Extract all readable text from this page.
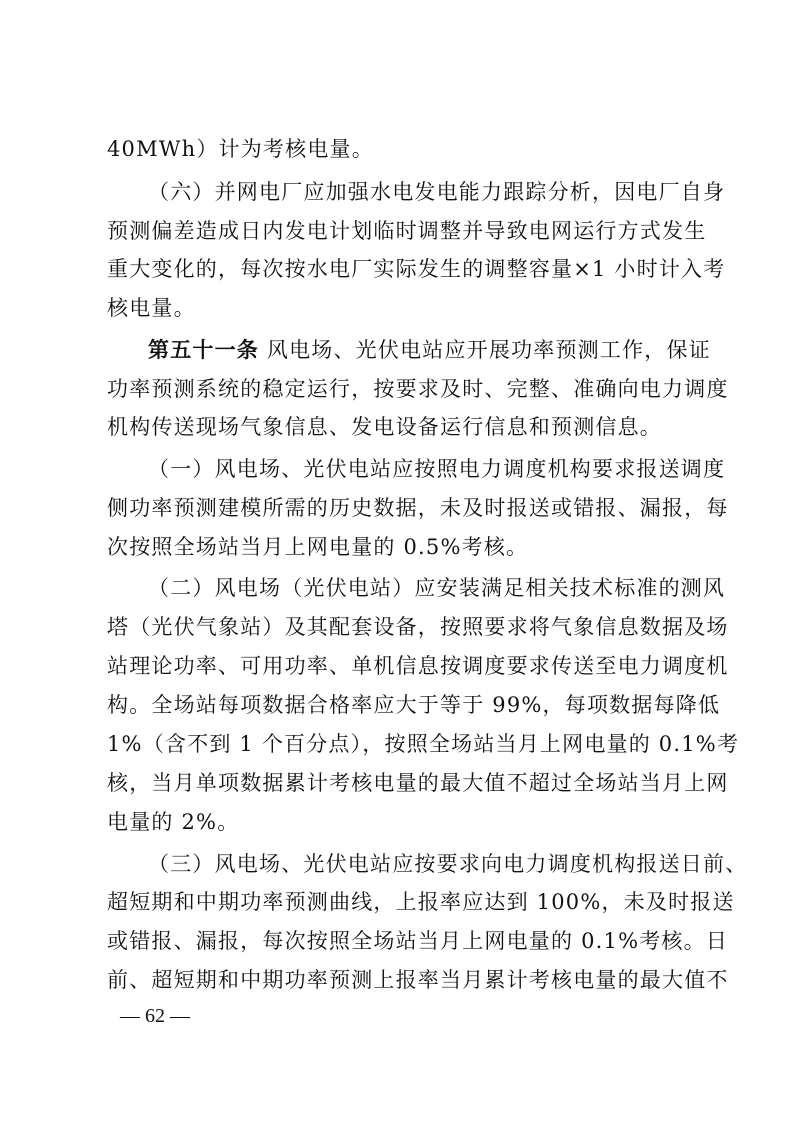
40MWh）计为考核电量。
（六）并网电厂应加强水电发电能力跟踪分析，因电厂自身
预测偏差造成日内发电计划临时调整并导致电网运行方式发生
重大变化的，每次按水电厂实际发生的调整容量×1 小时计入考
核电量。
第五十一条 风电场、光伏电站应开展功率预测工作，保证
功率预测系统的稳定运行，按要求及时、完整、准确向电力调度
机构传送现场气象信息、发电设备运行信息和预测信息。
（一）风电场、光伏电站应按照电力调度机构要求报送调度
侧功率预测建模所需的历史数据，未及时报送或错报、漏报，每
次按照全场站当月上网电量的 0.5%考核。
（二）风电场（光伏电站）应安装满足相关技术标准的测风
塔（光伏气象站）及其配套设备，按照要求将气象信息数据及场
站理论功率、可用功率、单机信息按调度要求传送至电力调度机
构。全场站每项数据合格率应大于等于 99%，每项数据每降低
1%（含不到 1 个百分点），按照全场站当月上网电量的 0.1%考
核，当月单项数据累计考核电量的最大值不超过全场站当月上网
电量的 2%。
（三）风电场、光伏电站应按要求向电力调度机构报送日前、
超短期和中期功率预测曲线，上报率应达到 100%，未及时报送
或错报、漏报，每次按照全场站当月上网电量的 0.1%考核。日
前、超短期和中期功率预测上报率当月累计考核电量的最大值不
— 62 —
